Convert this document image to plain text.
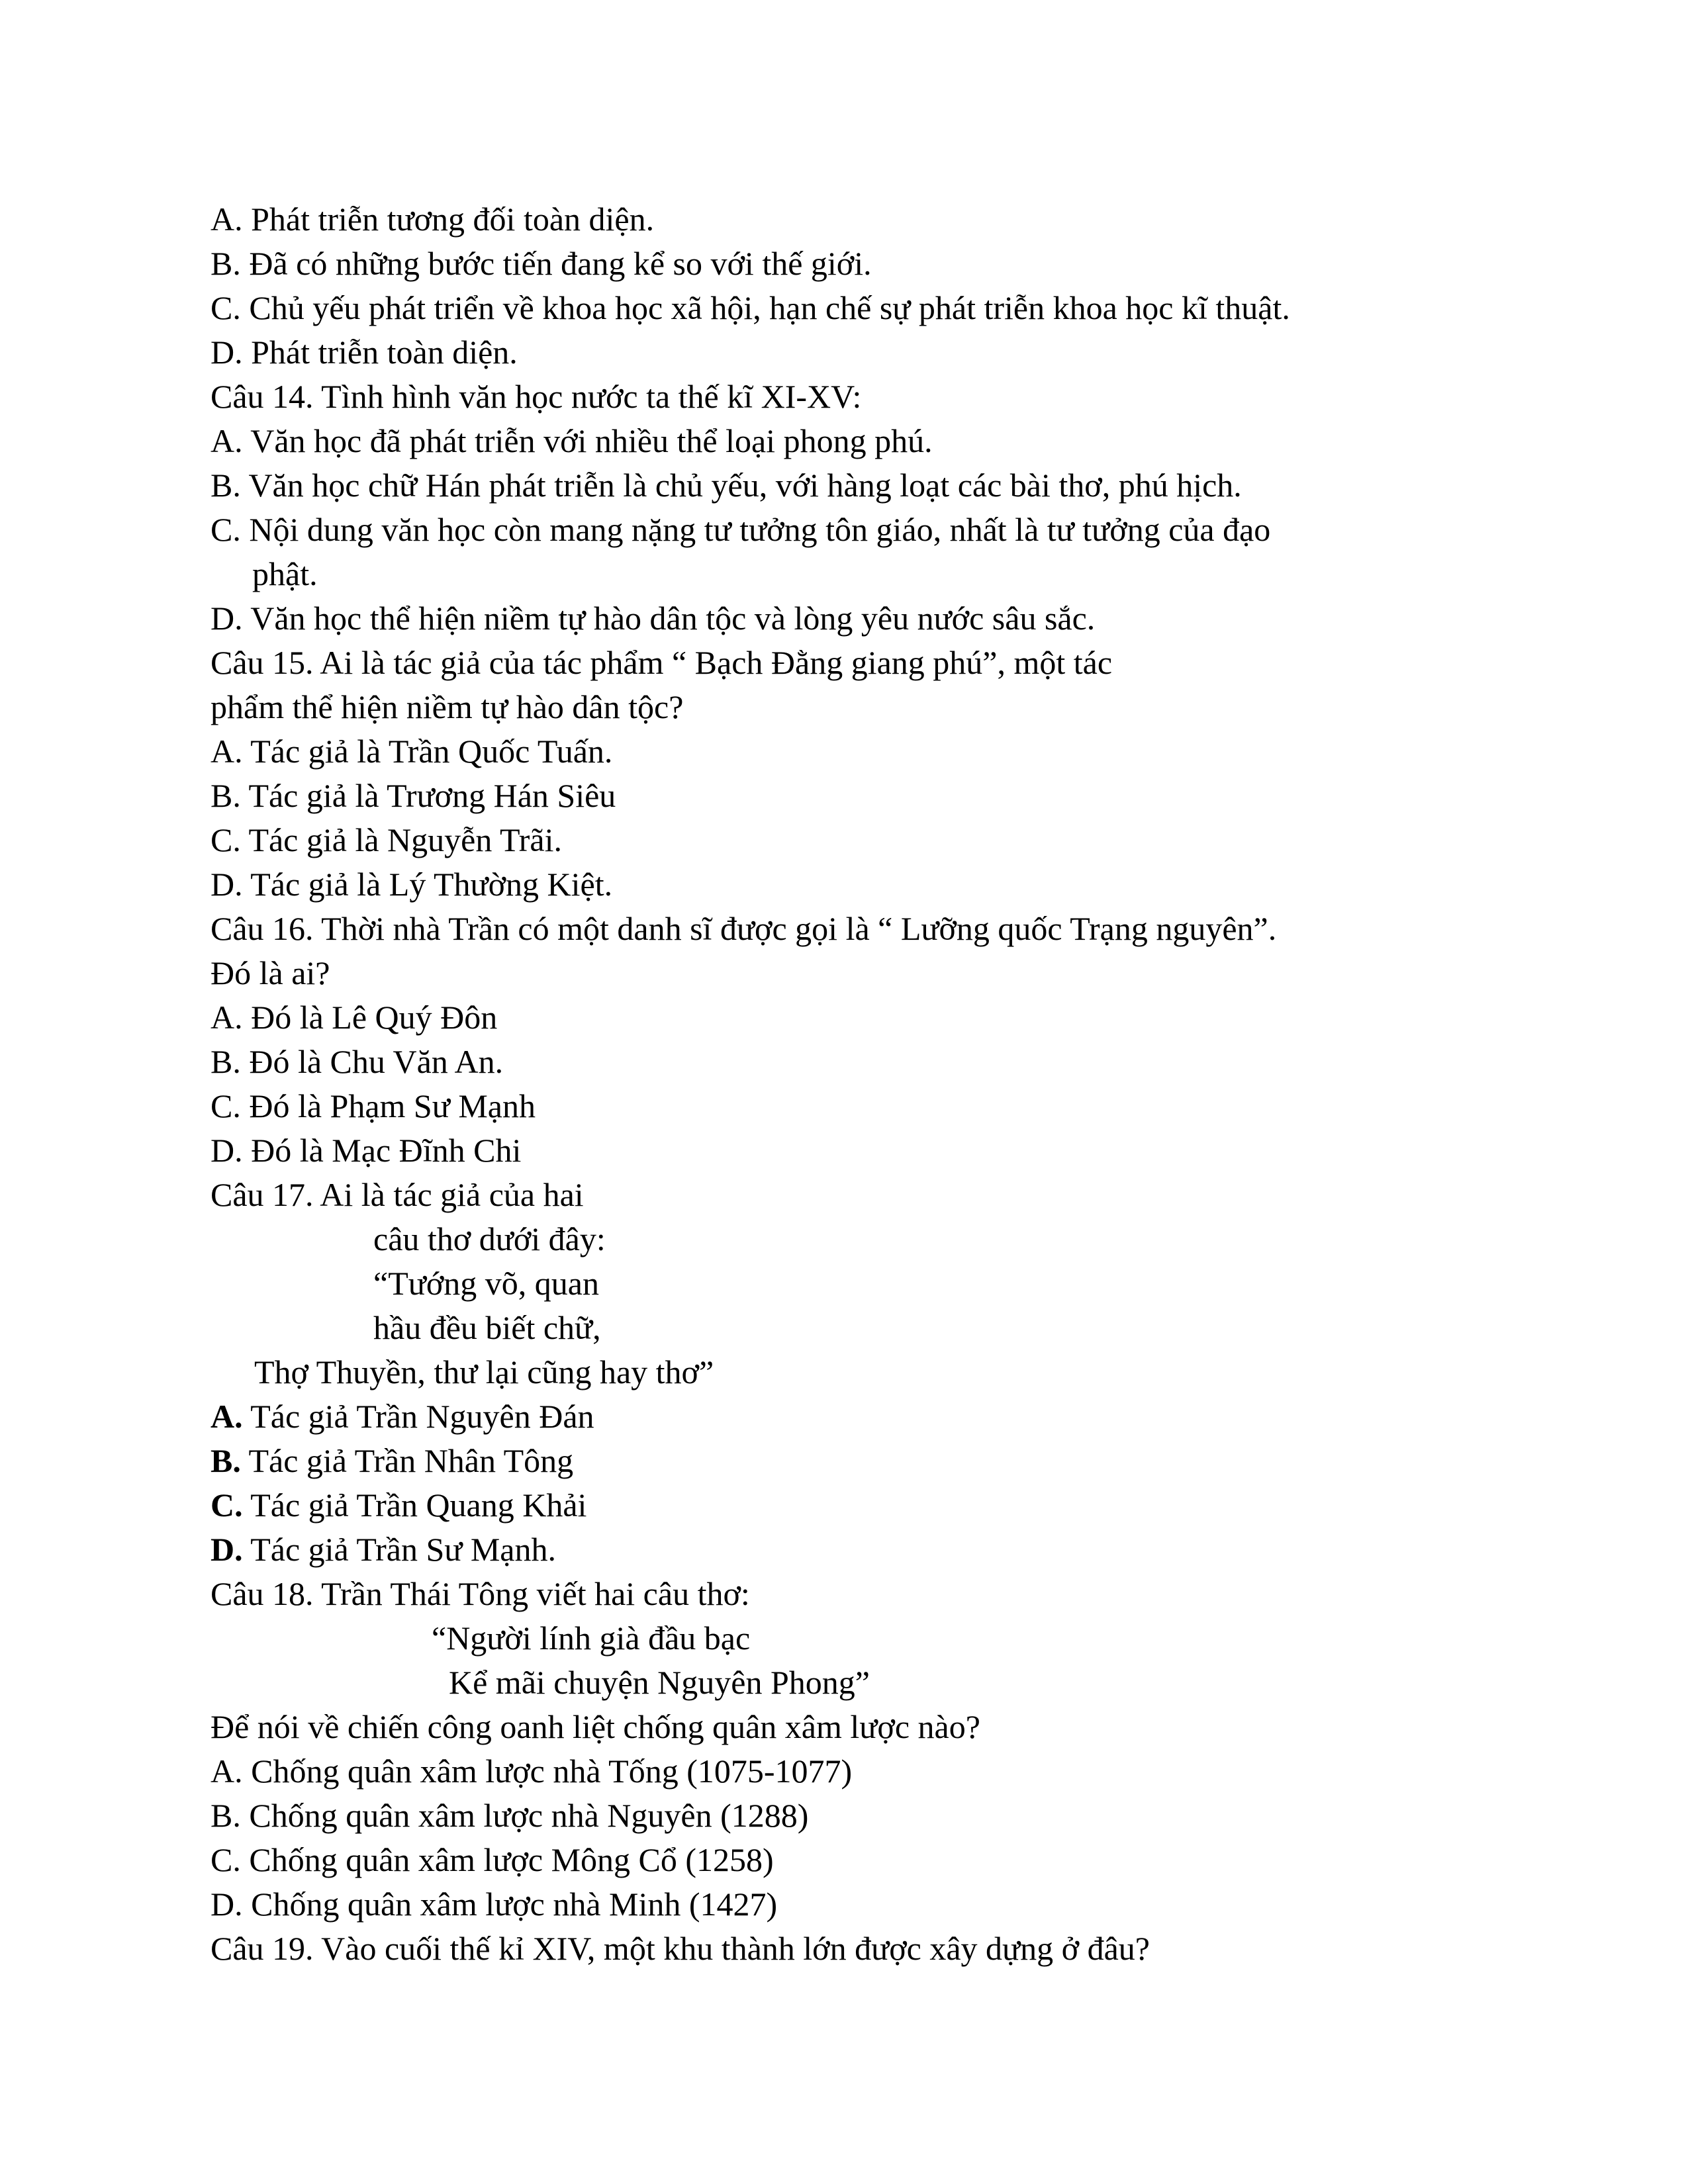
A. Phát triễn tương đối toàn diện.
B. Đã có những bước tiến đang kể so với thế giới.
C. Chủ yếu phát triển về khoa học xã hội, hạn chế sự phát triễn khoa học kĩ thuật.
D. Phát triễn toàn diện.
Câu 14. Tình hình văn học nước ta thế kĩ XI-XV:
A. Văn học đã phát triễn với nhiều thể loại phong phú.
B. Văn học chữ Hán phát triễn là chủ yếu, với hàng loạt các bài thơ, phú hịch.
C. Nội dung văn học còn mang nặng tư tưởng tôn giáo, nhất là tư tưởng của đạo
phật.
D. Văn học thể hiện niềm tự hào dân tộc và lòng yêu nước sâu sắc.
Câu 15. Ai là tác giả của tác phẩm “ Bạch Đằng giang phú”, một tác
phẩm thể hiện niềm tự hào dân tộc?
A. Tác giả là Trần Quốc Tuấn.
B. Tác giả là Trương Hán Siêu
C. Tác giả là Nguyễn Trãi.
D. Tác giả là Lý Thường Kiệt.
Câu 16. Thời nhà Trần có một danh sĩ được gọi là “ Lưỡng quốc Trạng nguyên”.
Đó là ai?
A. Đó là Lê Quý Đôn
B. Đó là Chu Văn An.
C. Đó là Phạm Sư Mạnh
D. Đó là Mạc Đĩnh Chi
Câu 17. Ai là tác giả của hai
câu thơ dưới đây:
“Tướng võ, quan
hầu đều biết chữ,
Thợ Thuyền, thư lại cũng hay thơ”
A. Tác giả Trần Nguyên Đán
B. Tác giả Trần Nhân Tông
C. Tác giả Trần Quang Khải
D. Tác giả Trần Sư Mạnh.
Câu 18. Trần Thái Tông viết hai câu thơ:
“Người lính già đầu bạc
Kể mãi chuyện Nguyên Phong”
Để nói về chiến công oanh liệt chống quân xâm lược nào?
A. Chống quân xâm lược nhà Tống (1075-1077)
B. Chống quân xâm lược nhà Nguyên (1288)
C. Chống quân xâm lược Mông Cổ (1258)
D. Chống quân xâm lược nhà Minh (1427)
Câu 19. Vào cuối thế kỉ XIV, một khu thành lớn được xây dựng ở đâu?
